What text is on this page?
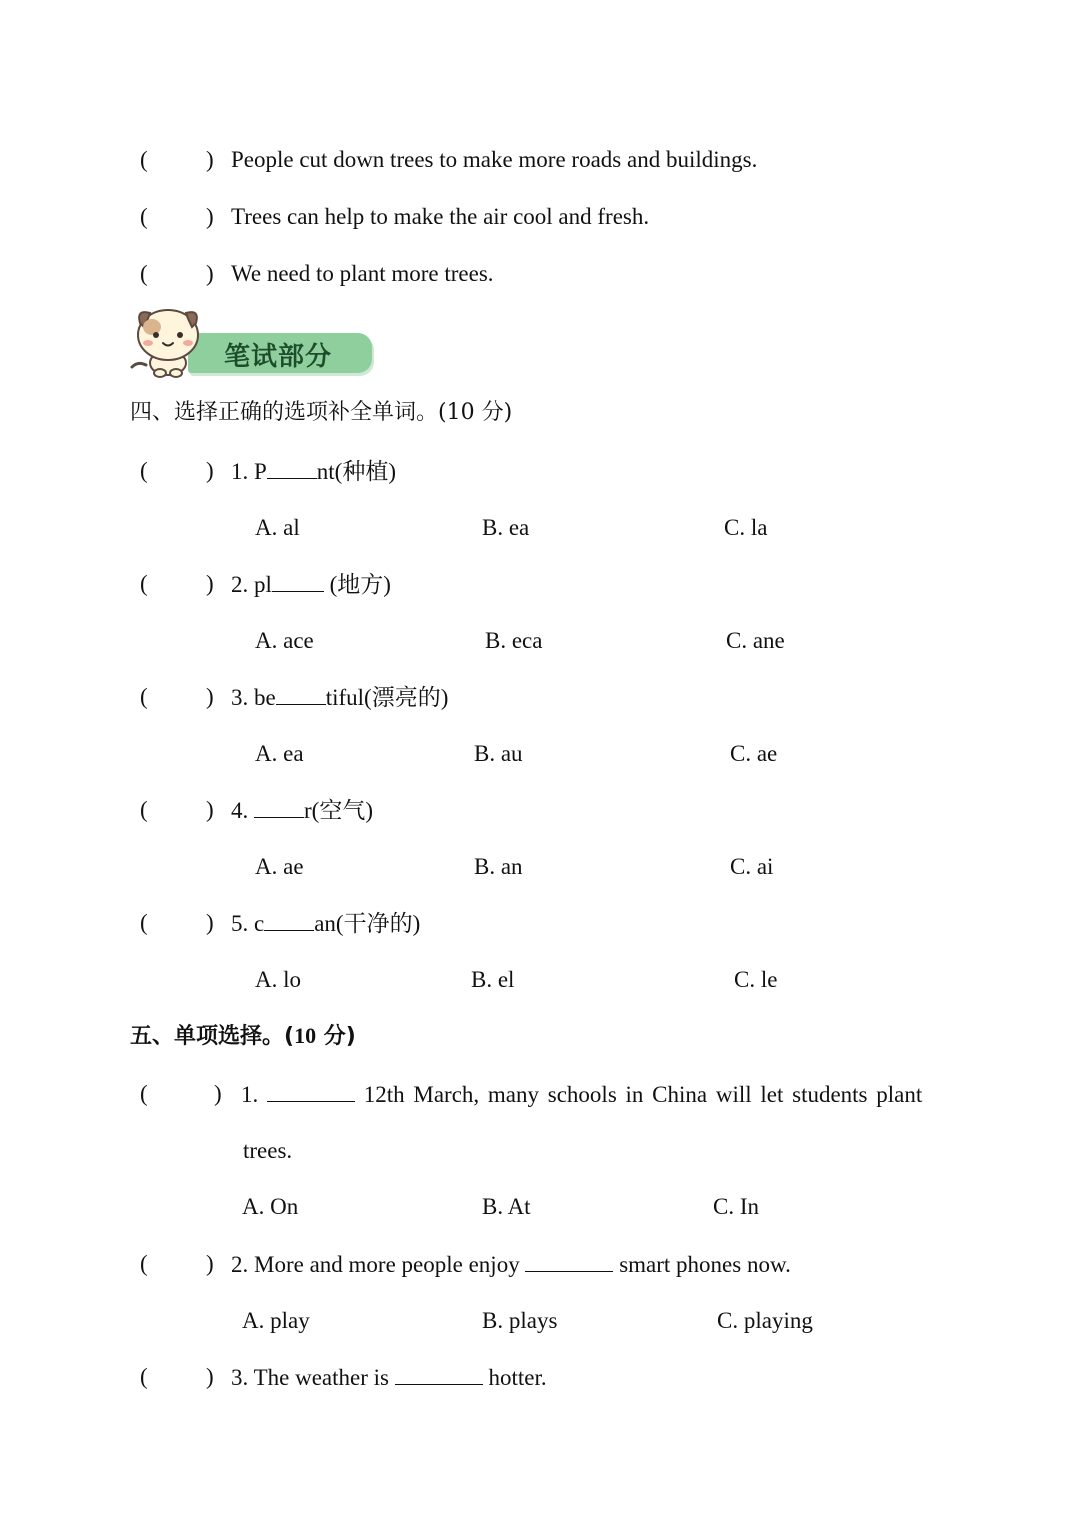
(	) People cut down trees to make more roads and buildings.
(	) Trees can help to make the air cool and fresh.
(	) We need to plant more trees.
笔试部分
四、选择正确的选项补全单词。(10 分)
(	) 1. P nt(种植)
A. al	B. ea	C. la
(	) 2. pl (地方)
A. ace	B. eca	C. ane
(	) 3. be tiful(漂亮的)
A. ea	B. au	C. ae
(	) 4. r(空气)
A. ae	B. an	C. ai
(	) 5. c an(干净的)
A. lo	B. el	C. le
五、单项选择。(10 分)
(	) 1.	12th March, many schools in China will let students plant
trees.
A. On	B. At	C. In
(	) 2. More and more people enjoy	smart phones now.
A. play	B. plays	C. playing
(	) 3. The weather is	hotter.
